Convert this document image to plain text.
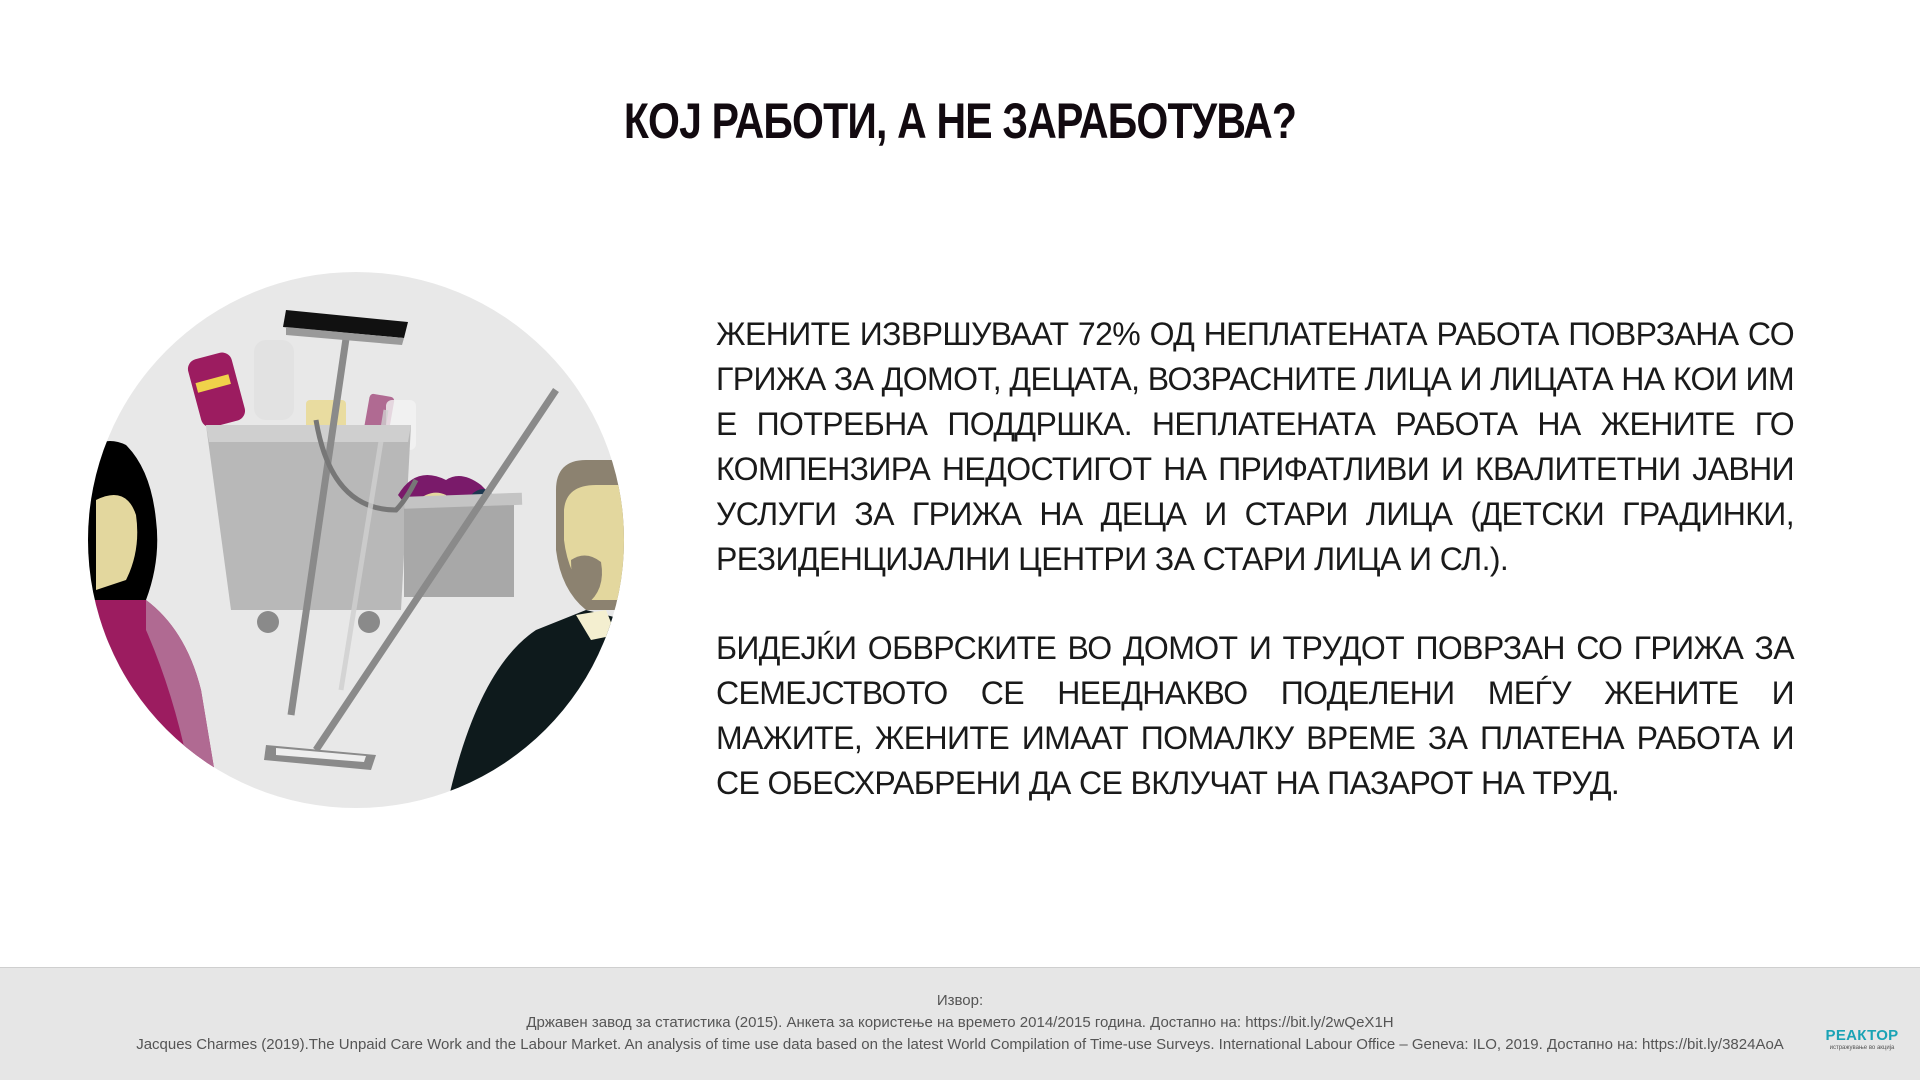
КОЈ РАБОТИ, А НЕ ЗАРАБОТУВА?

ЖЕНИТЕ ИЗВРШУВААТ 72% ОД НЕПЛАТЕНАТА РАБОТА ПОВРЗАНА СО ГРИЖА ЗА ДОМОТ, ДЕЦАТА, ВОЗРАСНИТЕ ЛИЦА И ЛИЦАТА НА КОИ ИМ Е ПОТРЕБНА ПОДДРШКА. НЕПЛАТЕНАТА РАБОТА НА ЖЕНИТЕ ГО КОМПЕНЗИРА НЕДОСТИГОТ НА ПРИФАТЛИВИ И КВАЛИТЕТНИ ЈАВНИ УСЛУГИ ЗА ГРИЖА НА ДЕЦА И СТАРИ ЛИЦА (ДЕТСКИ ГРАДИНКИ, РЕЗИДЕНЦИЈАЛНИ ЦЕНТРИ ЗА СТАРИ ЛИЦА И СЛ.).

БИДЕЈЌИ ОБВРСКИТЕ ВО ДОМОТ И ТРУДОТ ПОВРЗАН СО ГРИЖА ЗА СЕМЕЈСТВОТО СЕ НЕЕДНАКВО ПОДЕЛЕНИ МЕЃУ ЖЕНИТЕ И МАЖИТЕ, ЖЕНИТЕ ИМААТ ПОМАЛКУ ВРЕМЕ ЗА ПЛАТЕНА РАБОТА И СЕ ОБЕСХРАБРЕНИ ДА СЕ ВКЛУЧАТ НА ПАЗАРОТ НА ТРУД.

Извор:
Државен завод за статистика (2015). Анкета за користење на времето 2014/2015 година. Достапно на: https://bit.ly/2wQeX1H
Jacques Charmes (2019).The Unpaid Care Work and the Labour Market. An analysis of time use data based on the latest World Compilation of Time-use Surveys. International Labour Office – Geneva: ILO, 2019. Достапно на: https://bit.ly/3824AoA
РЕАКТОР
истражување во акција
